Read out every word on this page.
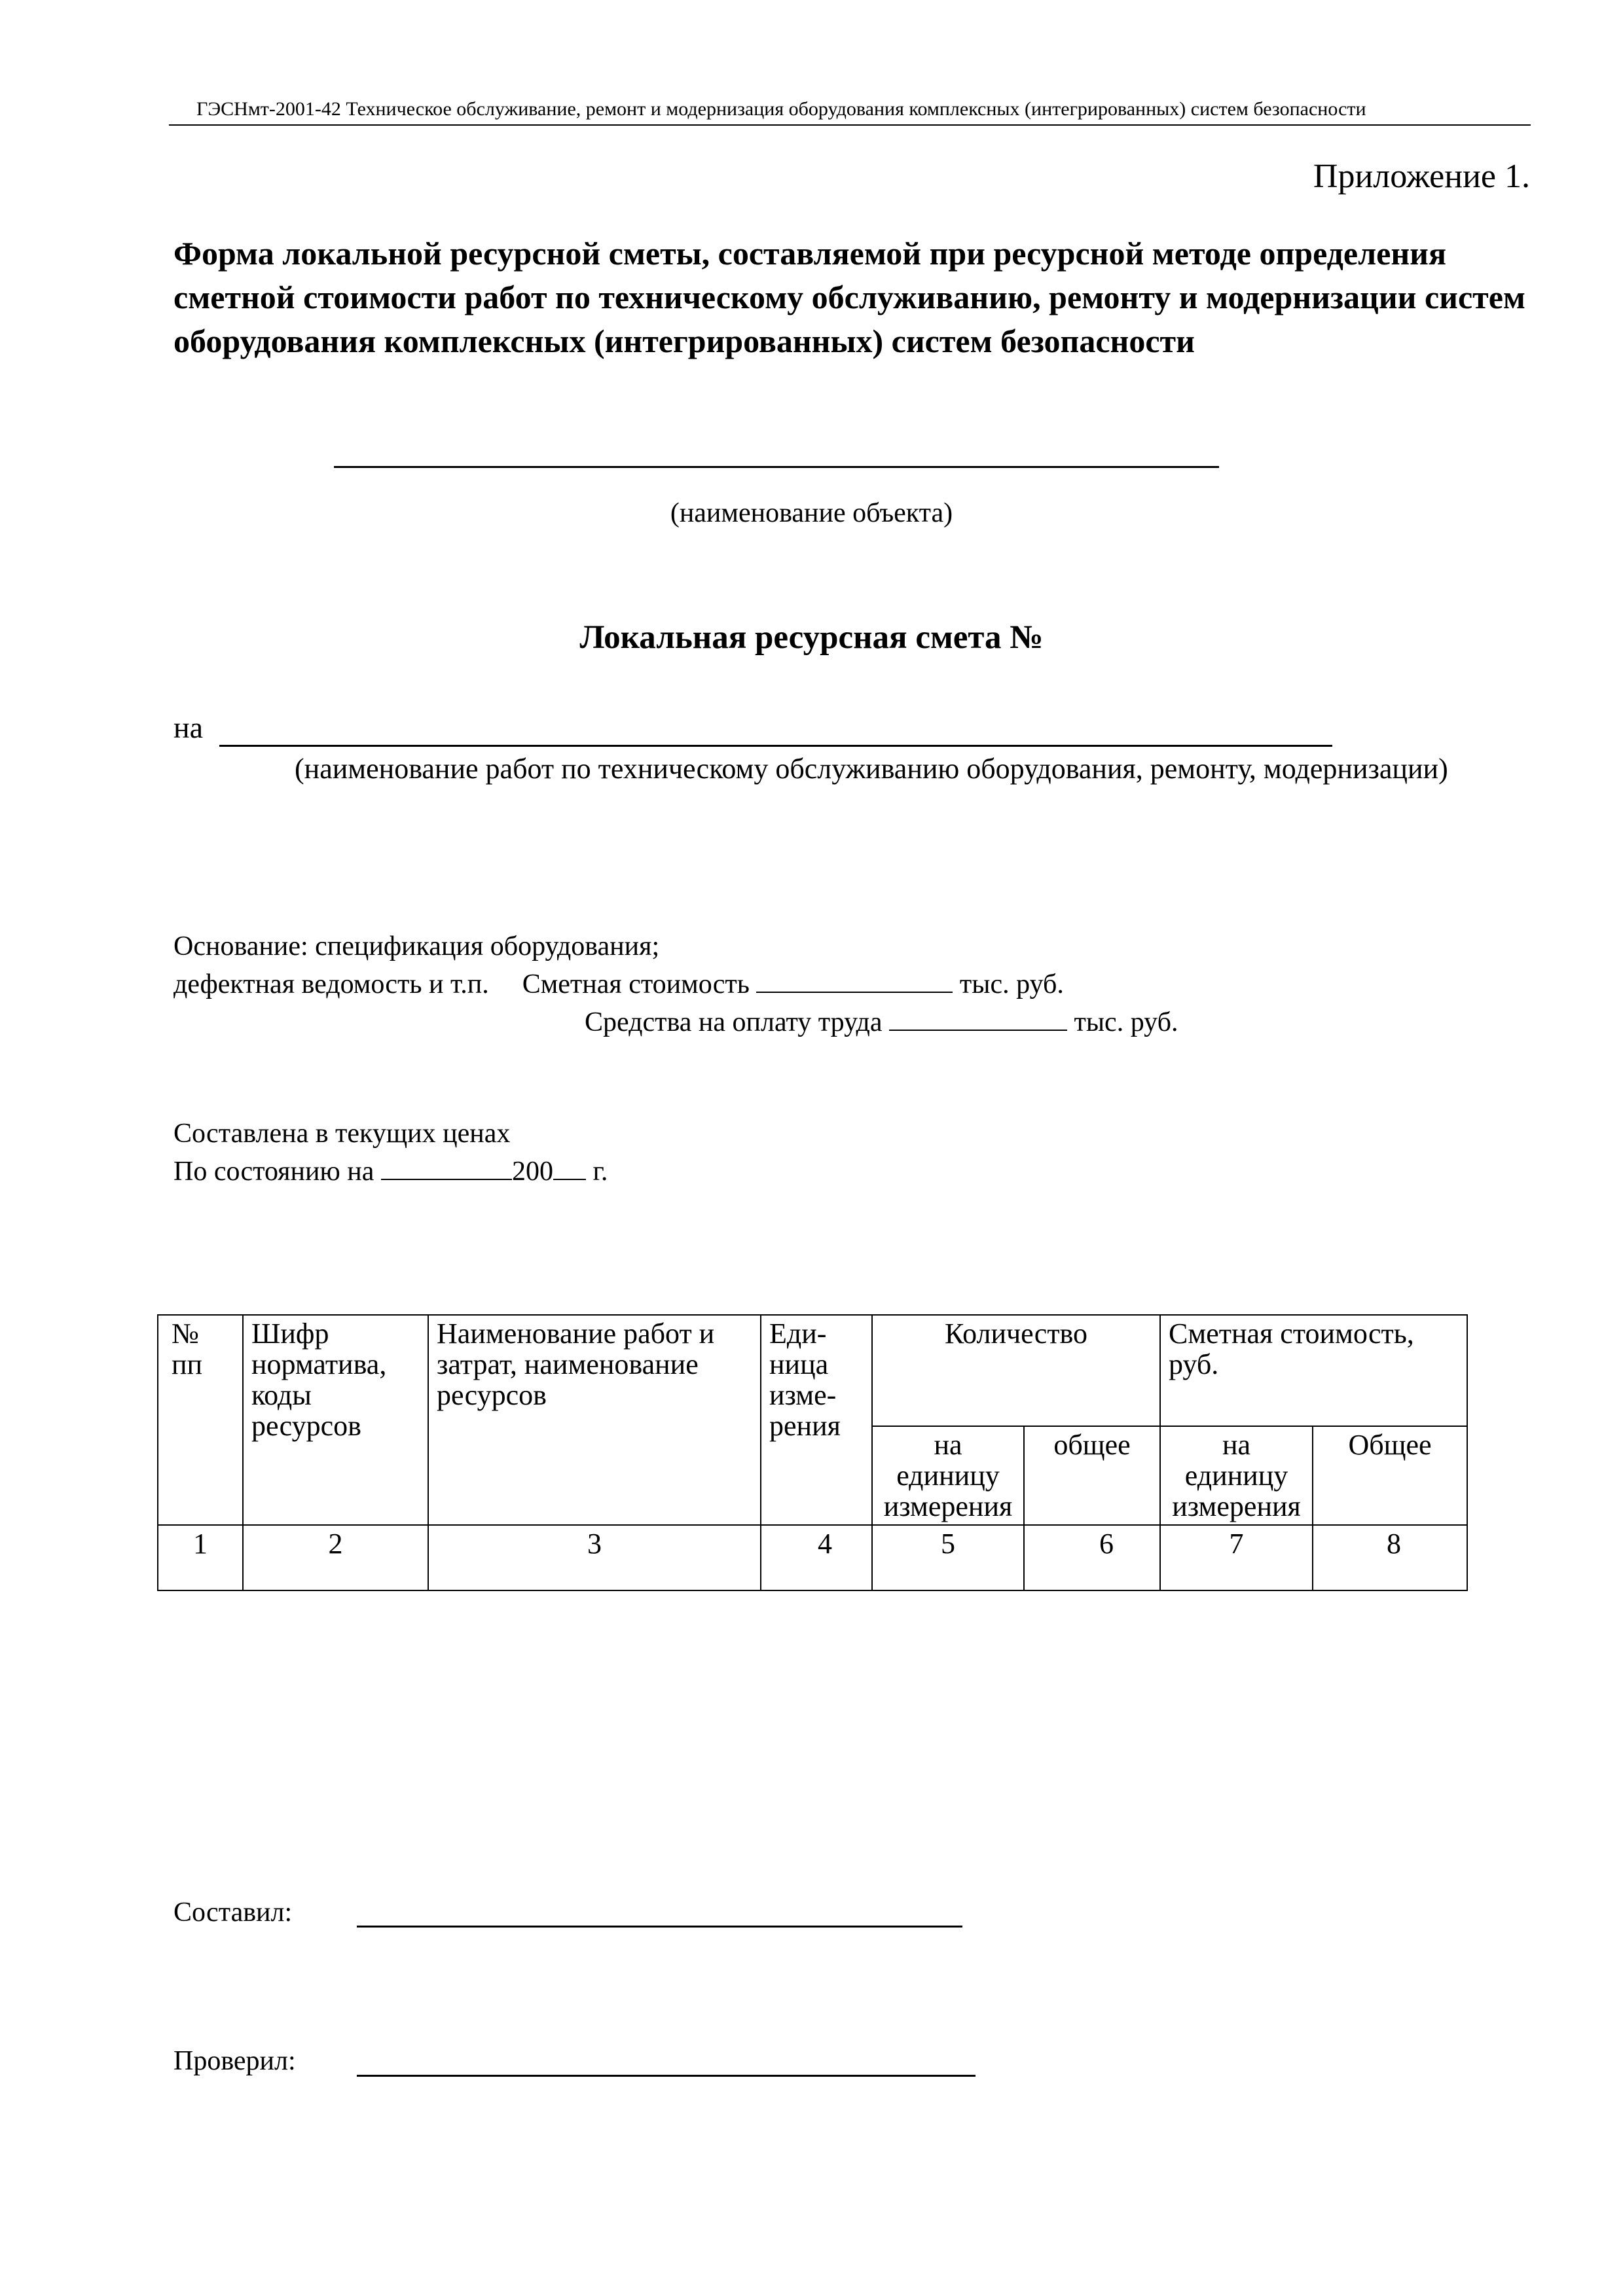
ГЭСНмт-2001-42 Техническое обслуживание, ремонт и модернизация оборудования комплексных (интегрированных) систем безопасности
Приложение 1.
Форма локальной ресурсной сметы, составляемой при ресурсной методе определения сметной стоимости работ по техническому обслуживанию, ремонту и модернизации систем оборудования комплексных (интегрированных) систем безопасности
(наименование объекта)
Локальная ресурсная смета №
на
(наименование работ по техническому обслуживанию оборудования, ремонту, модернизации)
Основание: спецификация оборудования;
дефектная ведомость и т.п. Сметная стоимость	тыс. руб.
Средства на оплату труда	тыс. руб.
Составлена в текущих ценах
По состоянию на	200 г.
№ пп	Шифр норматива, коды ресурсов	Наименование работ и затрат, наименование ресурсов	Еди-ница изме-рения	Количество		Сметная стоимость, руб.	
				на единицу измерения	общее	на единицу измерения	Общее
1	2	3	4	5	6	7	8
Составил:
Проверил:
